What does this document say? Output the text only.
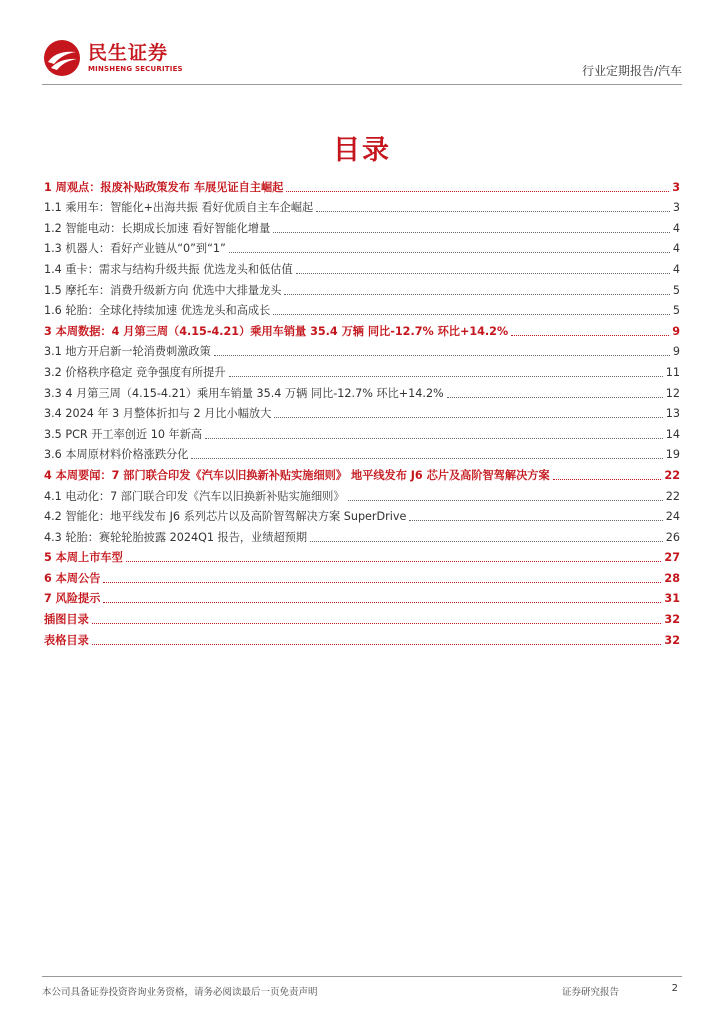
民生证券
MINSHENG SECURITIES	行业定期报告/汽车
目录
1 周观点：报废补贴政策发布 车展见证自主崛起	3
1.1 乘用车：智能化+出海共振 看好优质自主车企崛起	3
1.2 智能电动：长期成长加速 看好智能化增量	4
1.3 机器人：看好产业链从“0”到“1”	4
1.4 重卡：需求与结构升级共振 优选龙头和低估值	4
1.5 摩托车：消费升级新方向 优选中大排量龙头	5
1.6 轮胎：全球化持续加速 优选龙头和高成长	5
3 本周数据：4 月第三周（4.15-4.21）乘用车销量 35.4 万辆 同比-12.7% 环比+14.2%	9
3.1 地方开启新一轮消费刺激政策	9
3.2 价格秩序稳定 竞争强度有所提升	11
3.3 4 月第三周（4.15-4.21）乘用车销量 35.4 万辆 同比-12.7% 环比+14.2%	12
3.4 2024 年 3 月整体折扣与 2 月比小幅放大	13
3.5 PCR 开工率创近 10 年新高	14
3.6 本周原材料价格涨跌分化	19
4 本周要闻：7 部门联合印发《汽车以旧换新补贴实施细则》 地平线发布 J6 芯片及高阶智驾解决方案	22
4.1 电动化：7 部门联合印发《汽车以旧换新补贴实施细则》	22
4.2 智能化：地平线发布 J6 系列芯片以及高阶智驾解决方案 SuperDrive	24
4.3 轮胎：赛轮轮胎披露 2024Q1 报告，业绩超预期	26
5 本周上市车型	27
6 本周公告	28
7 风险提示	31
插图目录	32
表格目录	32
本公司具备证券投资咨询业务资格，请务必阅读最后一页免责声明	证券研究报告	2
